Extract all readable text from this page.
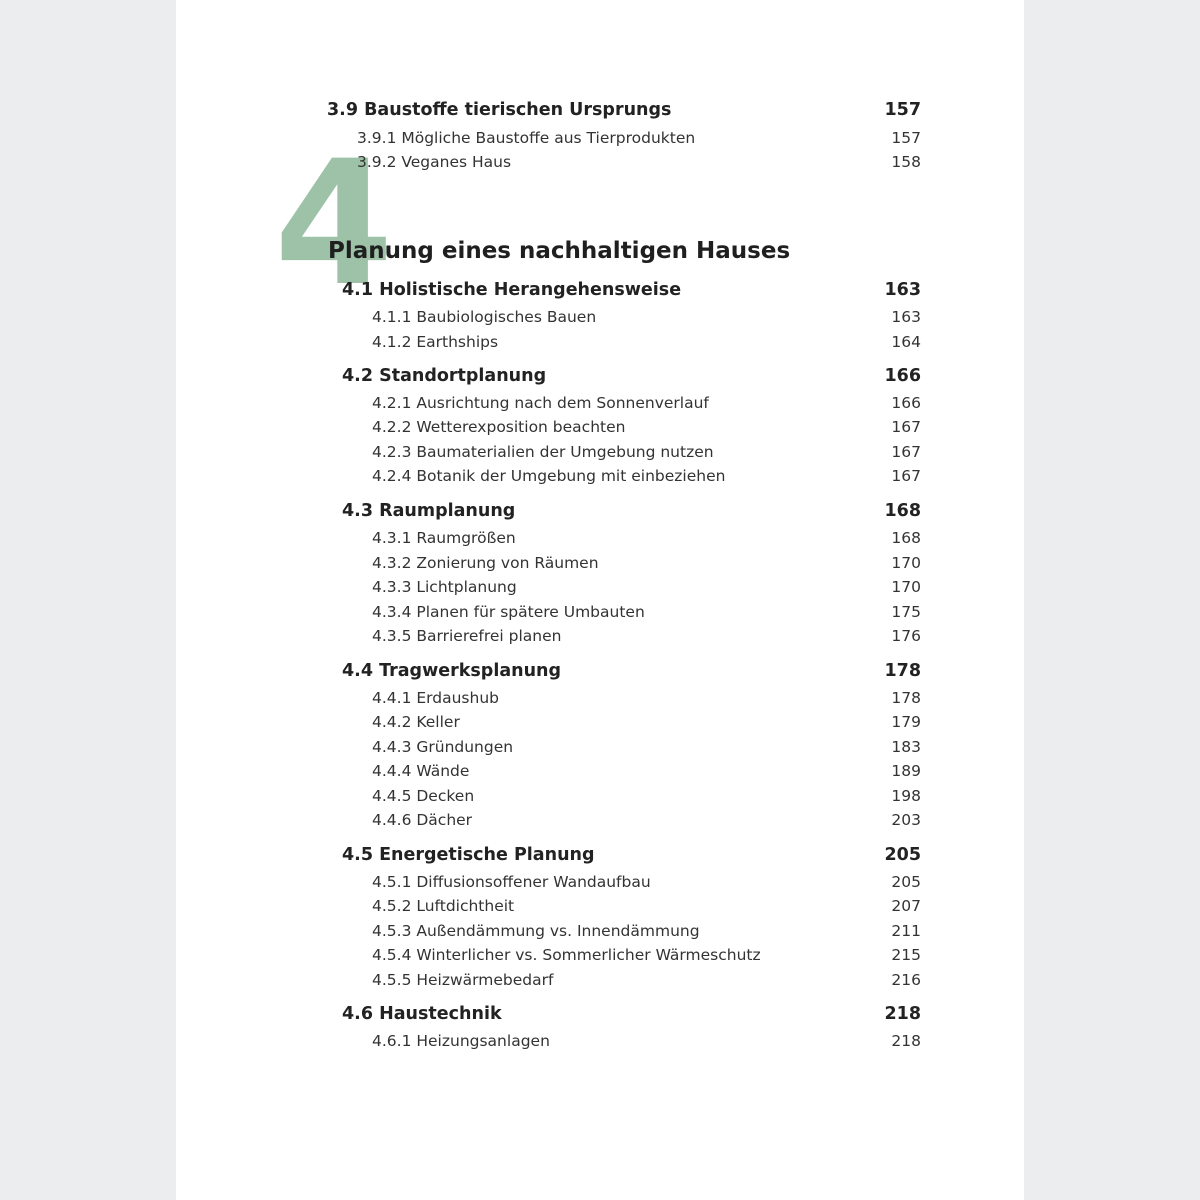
3.9 Baustoffe tierischen Ursprungs	157
3.9.1 Mögliche Baustoffe aus Tierprodukten	157
3.9.2 Veganes Haus	158
4
Planung eines nachhaltigen Hauses
4.1 Holistische Herangehensweise	163
4.1.1 Baubiologisches Bauen	163
4.1.2 Earthships	164
4.2 Standortplanung	166
4.2.1 Ausrichtung nach dem Sonnenverlauf	166
4.2.2 Wetterexposition beachten	167
4.2.3 Baumaterialien der Umgebung nutzen	167
4.2.4 Botanik der Umgebung mit einbeziehen	167
4.3 Raumplanung	168
4.3.1 Raumgrößen	168
4.3.2 Zonierung von Räumen	170
4.3.3 Lichtplanung	170
4.3.4 Planen für spätere Umbauten	175
4.3.5 Barrierefrei planen	176
4.4 Tragwerksplanung	178
4.4.1 Erdaushub	178
4.4.2 Keller	179
4.4.3 Gründungen	183
4.4.4 Wände	189
4.4.5 Decken	198
4.4.6 Dächer	203
4.5 Energetische Planung	205
4.5.1 Diffusionsoffener Wandaufbau	205
4.5.2 Luftdichtheit	207
4.5.3 Außendämmung vs. Innendämmung	211
4.5.4 Winterlicher vs. Sommerlicher Wärmeschutz	215
4.5.5 Heizwärmebedarf	216
4.6 Haustechnik	218
4.6.1 Heizungsanlagen	218
